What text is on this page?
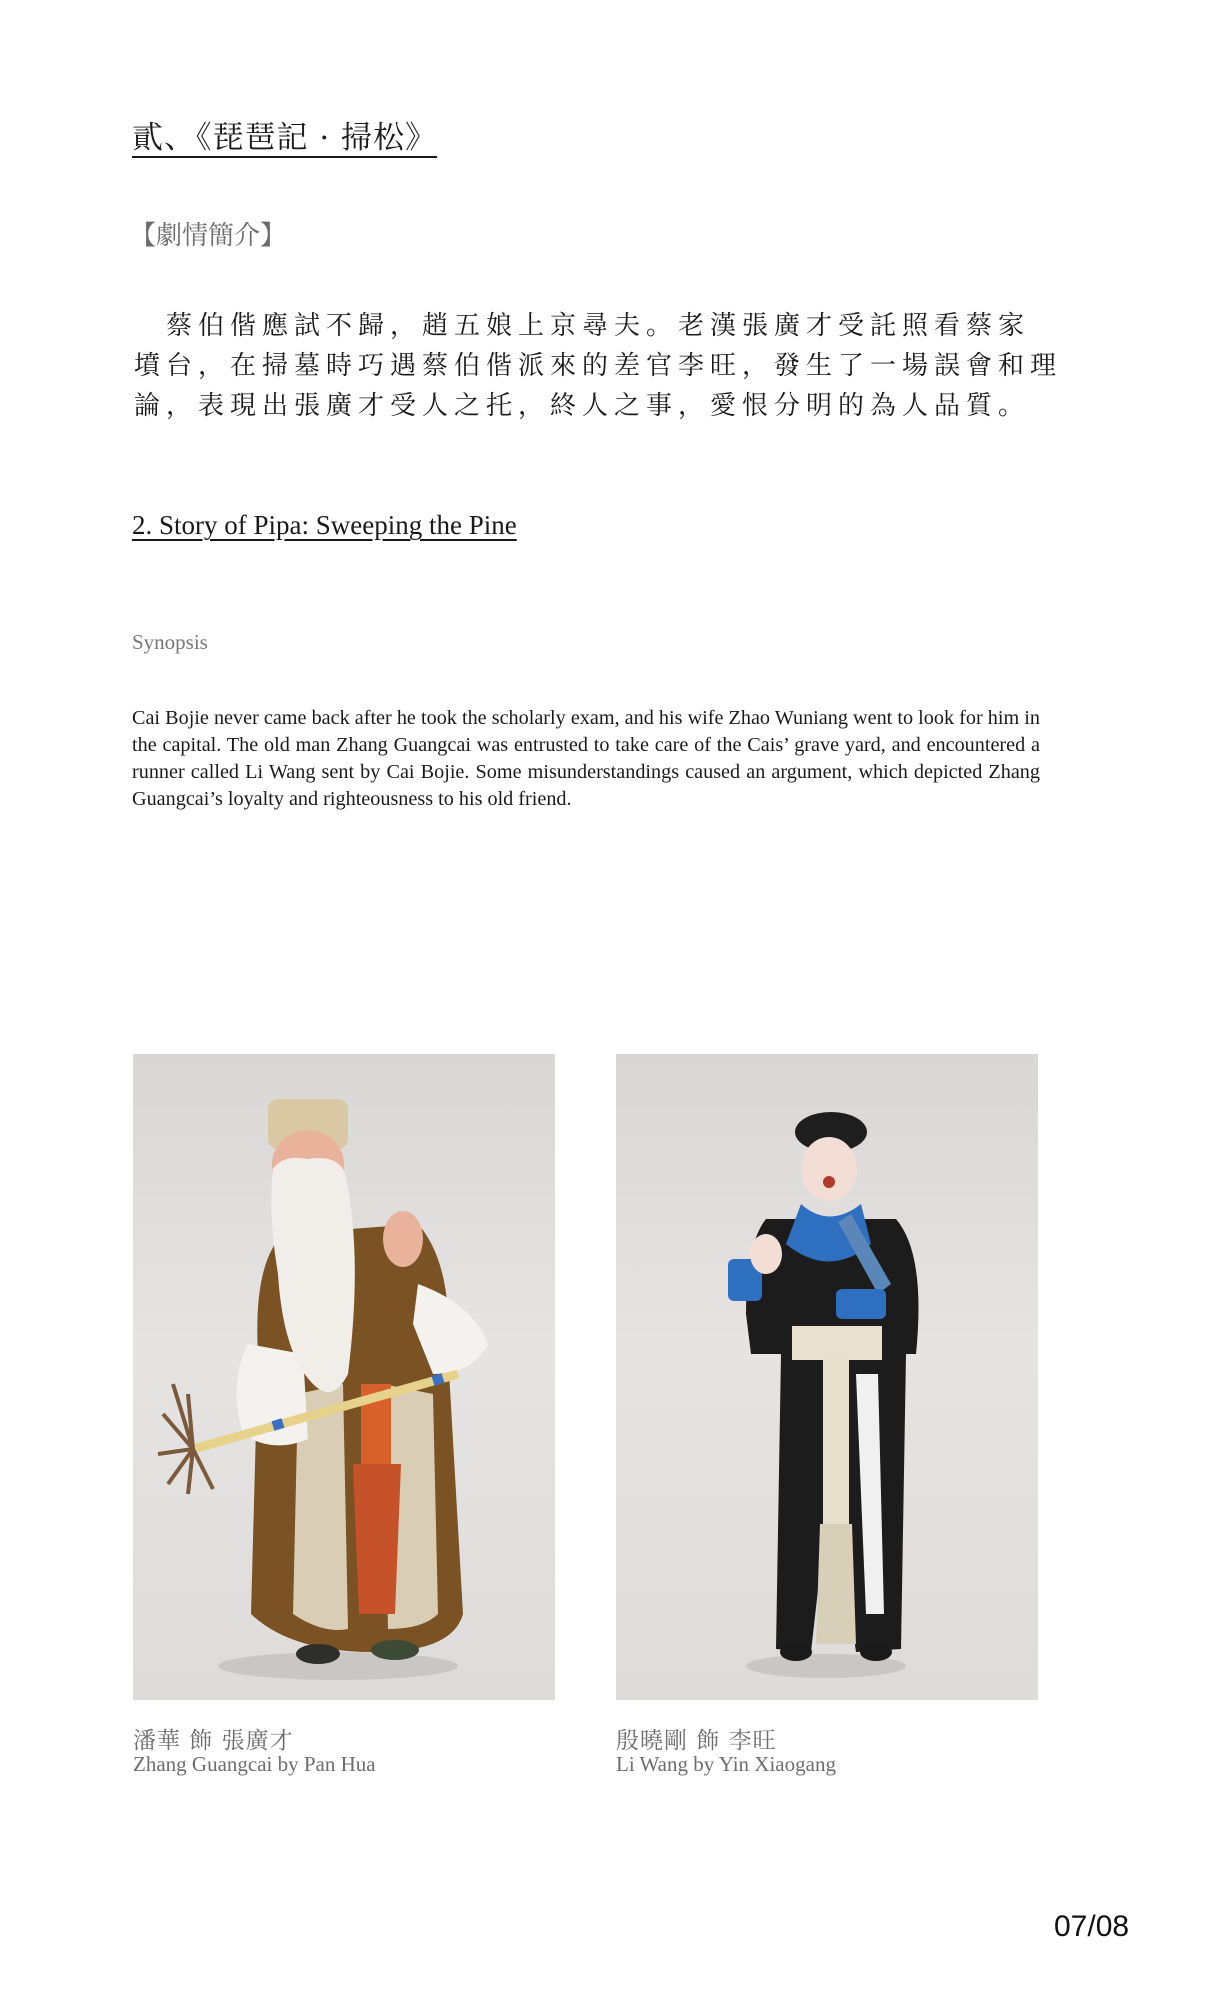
貳、《琵琶記 · 掃松》
【劇情簡介】
　蔡伯偕應試不歸，趙五娘上京尋夫。老漢張廣才受託照看蔡家
墳台，在掃墓時巧遇蔡伯偕派來的差官李旺，發生了一場誤會和理
論，表現出張廣才受人之托，終人之事，愛恨分明的為人品質。
2. Story of Pipa: Sweeping the Pine
Synopsis
Cai Bojie never came back after he took the scholarly exam, and his wife Zhao Wuniang went to look for him in the capital. The old man Zhang Guangcai was entrusted to take care of the Cais’ grave yard, and encountered a runner called Li Wang sent by Cai Bojie. Some misunderstandings caused an argument, which depicted Zhang Guangcai’s loyalty and righteousness to his old friend.
潘華 飾 張廣才
Zhang Guangcai by Pan Hua
殷曉剛 飾 李旺
Li Wang by Yin Xiaogang
07/08
